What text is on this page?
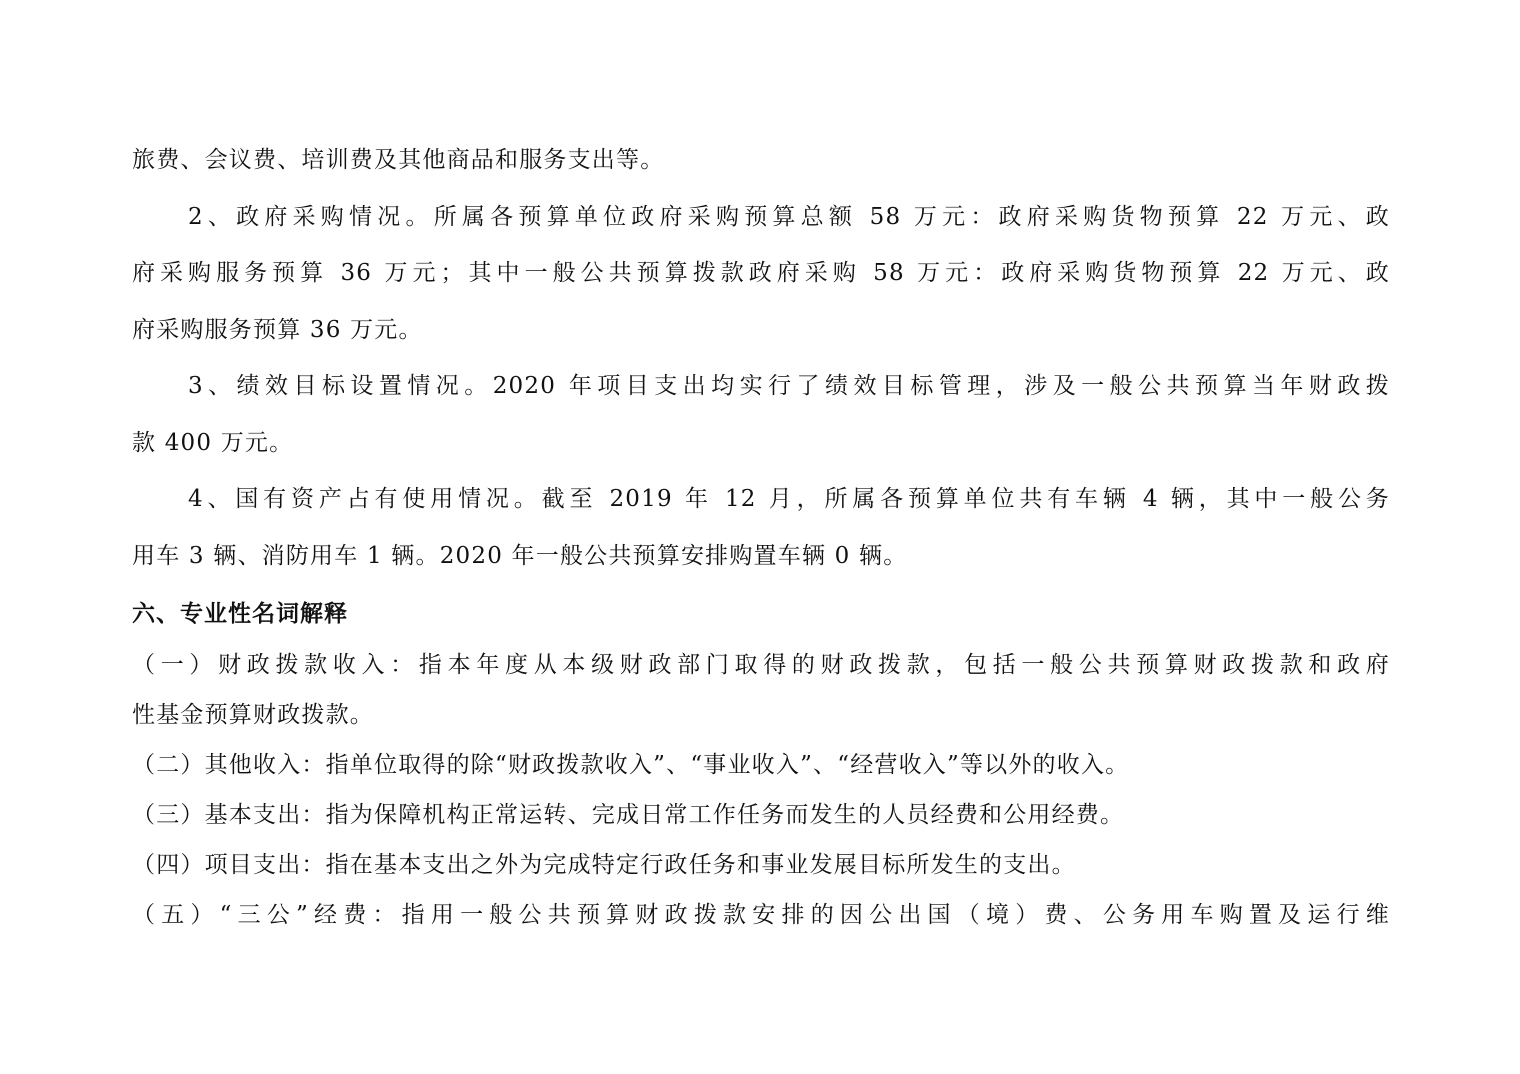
旅费、会议费、培训费及其他商品和服务支出等。
2、政府采购情况。所属各预算单位政府采购预算总额 58 万元：政府采购货物预算 22 万元、政
府采购服务预算 36 万元；其中一般公共预算拨款政府采购 58 万元：政府采购货物预算 22 万元、政
府采购服务预算 36 万元。
3、绩效目标设置情况。2020 年项目支出均实行了绩效目标管理，涉及一般公共预算当年财政拨
款 400 万元。
4、国有资产占有使用情况。截至 2019 年 12 月，所属各预算单位共有车辆 4 辆，其中一般公务
用车 3 辆、消防用车 1 辆。2020 年一般公共预算安排购置车辆 0 辆。
六、专业性名词解释
（一）财政拨款收入：指本年度从本级财政部门取得的财政拨款，包括一般公共预算财政拨款和政府
性基金预算财政拨款。
（二）其他收入：指单位取得的除“财政拨款收入”、“事业收入”、“经营收入”等以外的收入。
（三）基本支出：指为保障机构正常运转、完成日常工作任务而发生的人员经费和公用经费。
（四）项目支出：指在基本支出之外为完成特定行政任务和事业发展目标所发生的支出。
（五）“三公”经费：指用一般公共预算财政拨款安排的因公出国（境）费、公务用车购置及运行维
